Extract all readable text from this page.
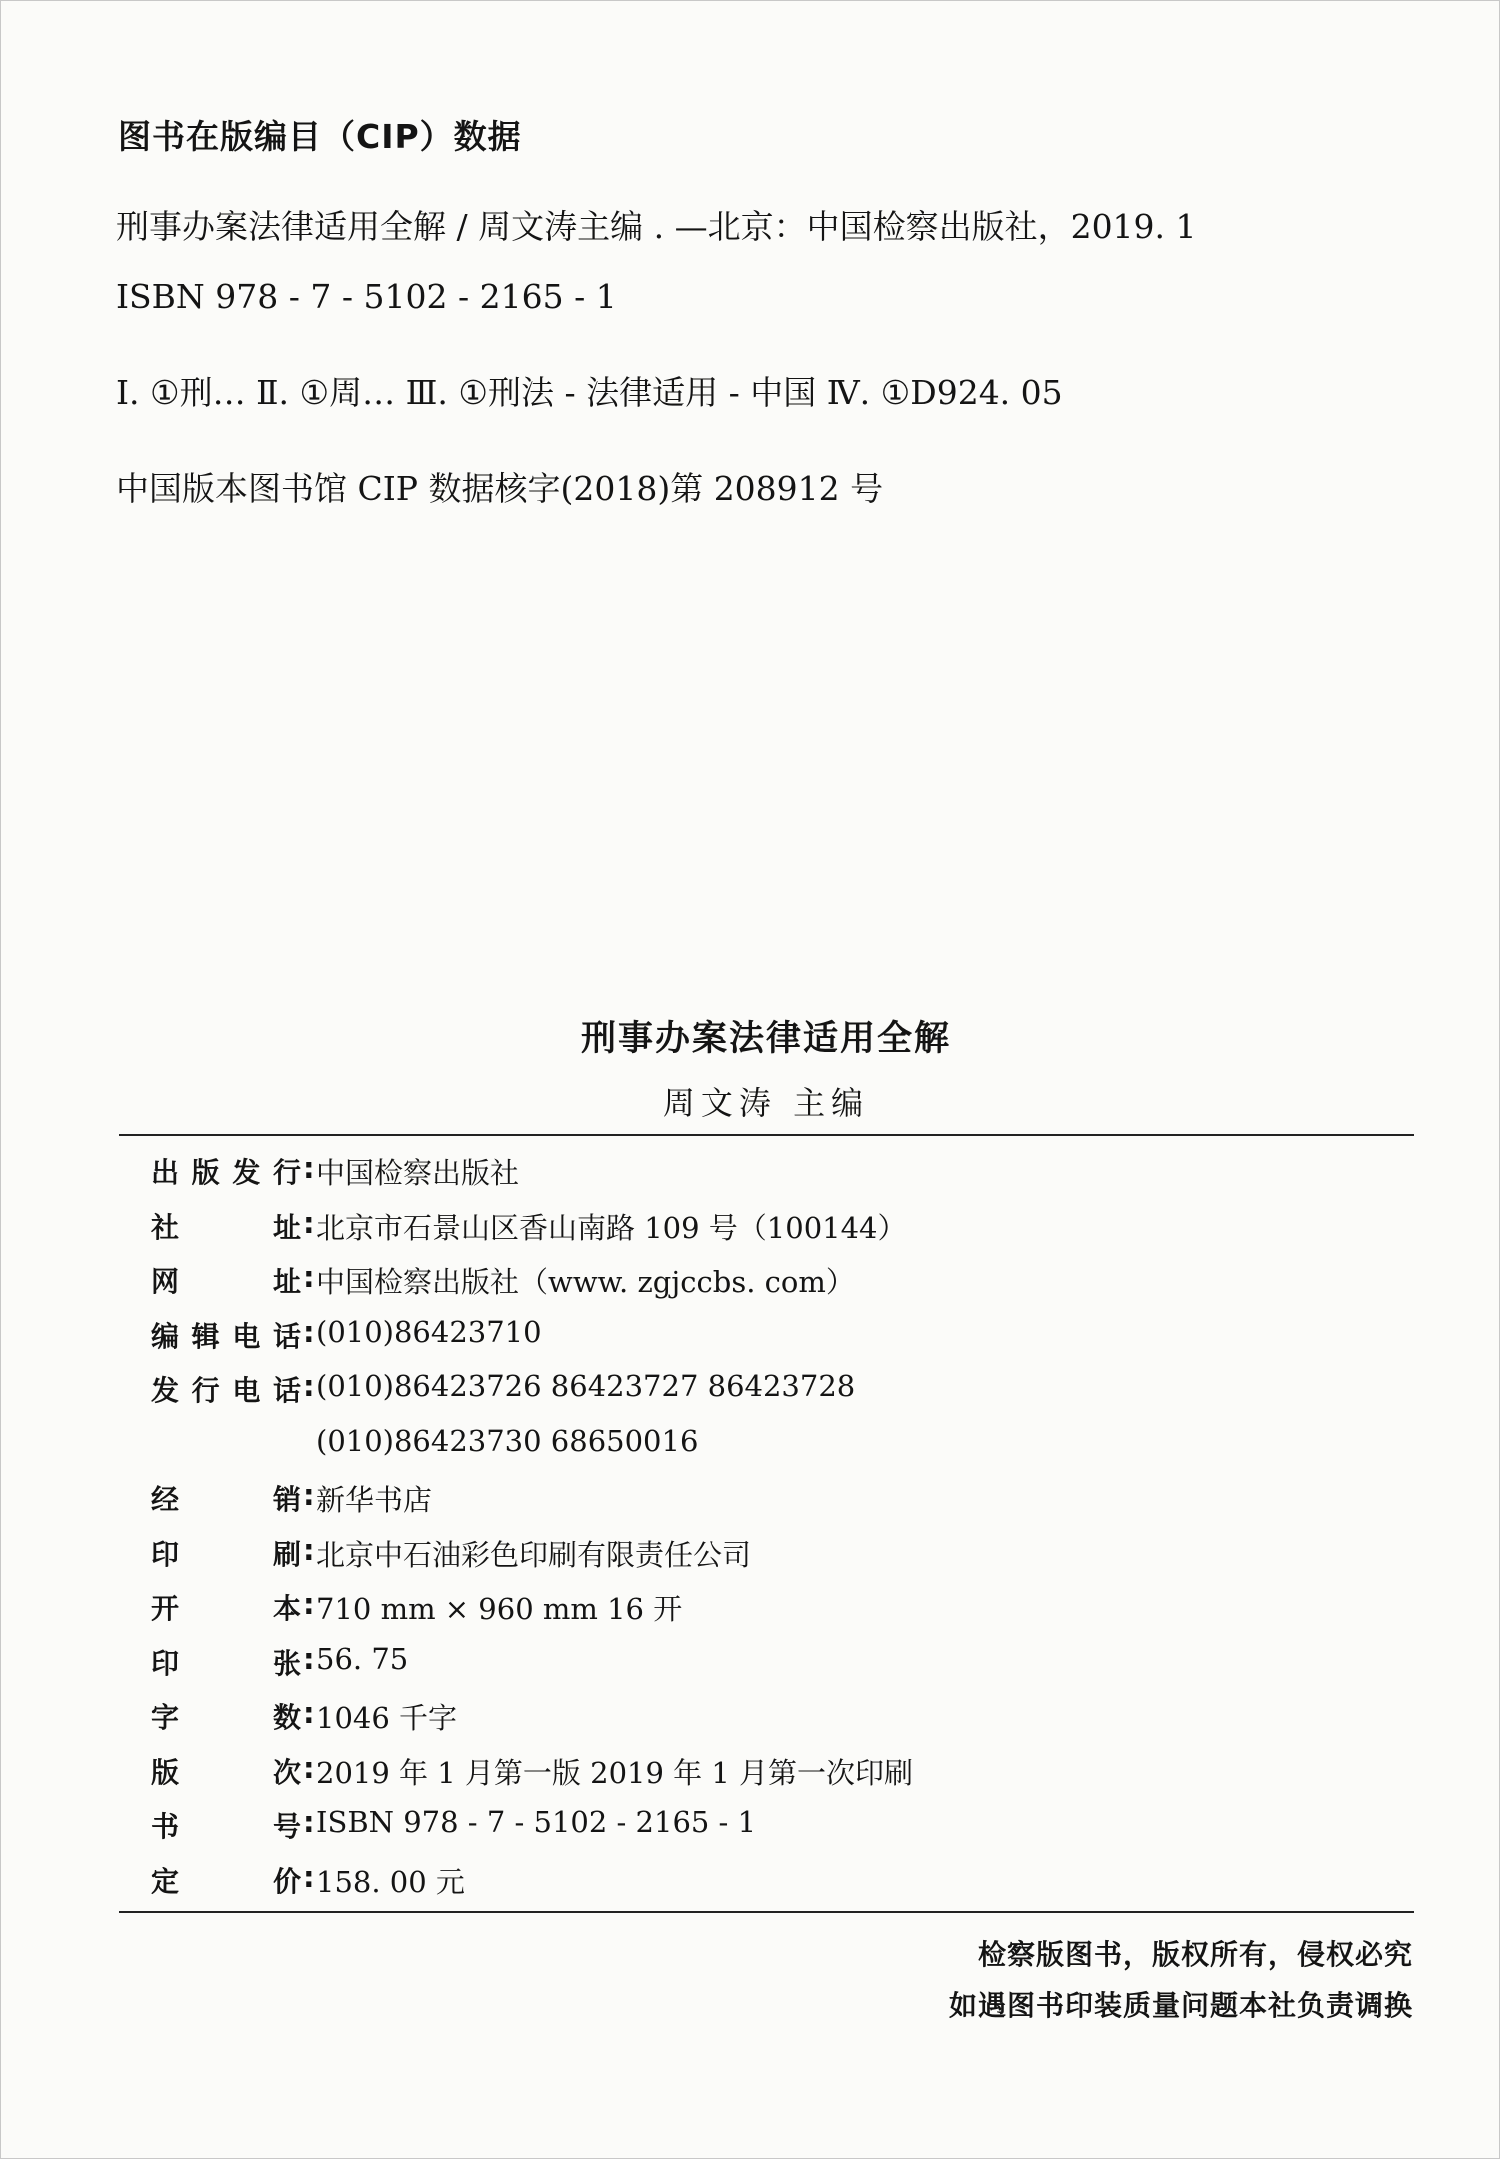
图书在版编目（CIP）数据
刑事办案法律适用全解 / 周文涛主编 . —北京：中国检察出版社，2019. 1
ISBN 978 - 7 - 5102 - 2165 - 1
I. ①刑… Ⅱ. ①周… Ⅲ. ①刑法 - 法律适用 - 中国 Ⅳ. ①D924. 05
中国版本图书馆 CIP 数据核字(2018)第 208912 号
刑事办案法律适用全解
周文涛 主编
出 版 发 行 : 中国检察出版社
社	址 : 北京市石景山区香山南路 109 号（100144）
网	址 : 中国检察出版社（www. zgjccbs. com）
编 辑 电 话 : (010)86423710
发 行 电 话 : (010)86423726 86423727 86423728
(010)86423730 68650016
经	销 : 新华书店
印	刷 : 北京中石油彩色印刷有限责任公司
开	本 : 710 mm × 960 mm 16 开
印	张 : 56. 75
字	数 : 1046 千字
版	次 : 2019 年 1 月第一版 2019 年 1 月第一次印刷
书	号 : ISBN 978 - 7 - 5102 - 2165 - 1
定	价 : 158. 00 元
检察版图书，版权所有，侵权必究
如遇图书印装质量问题本社负责调换
